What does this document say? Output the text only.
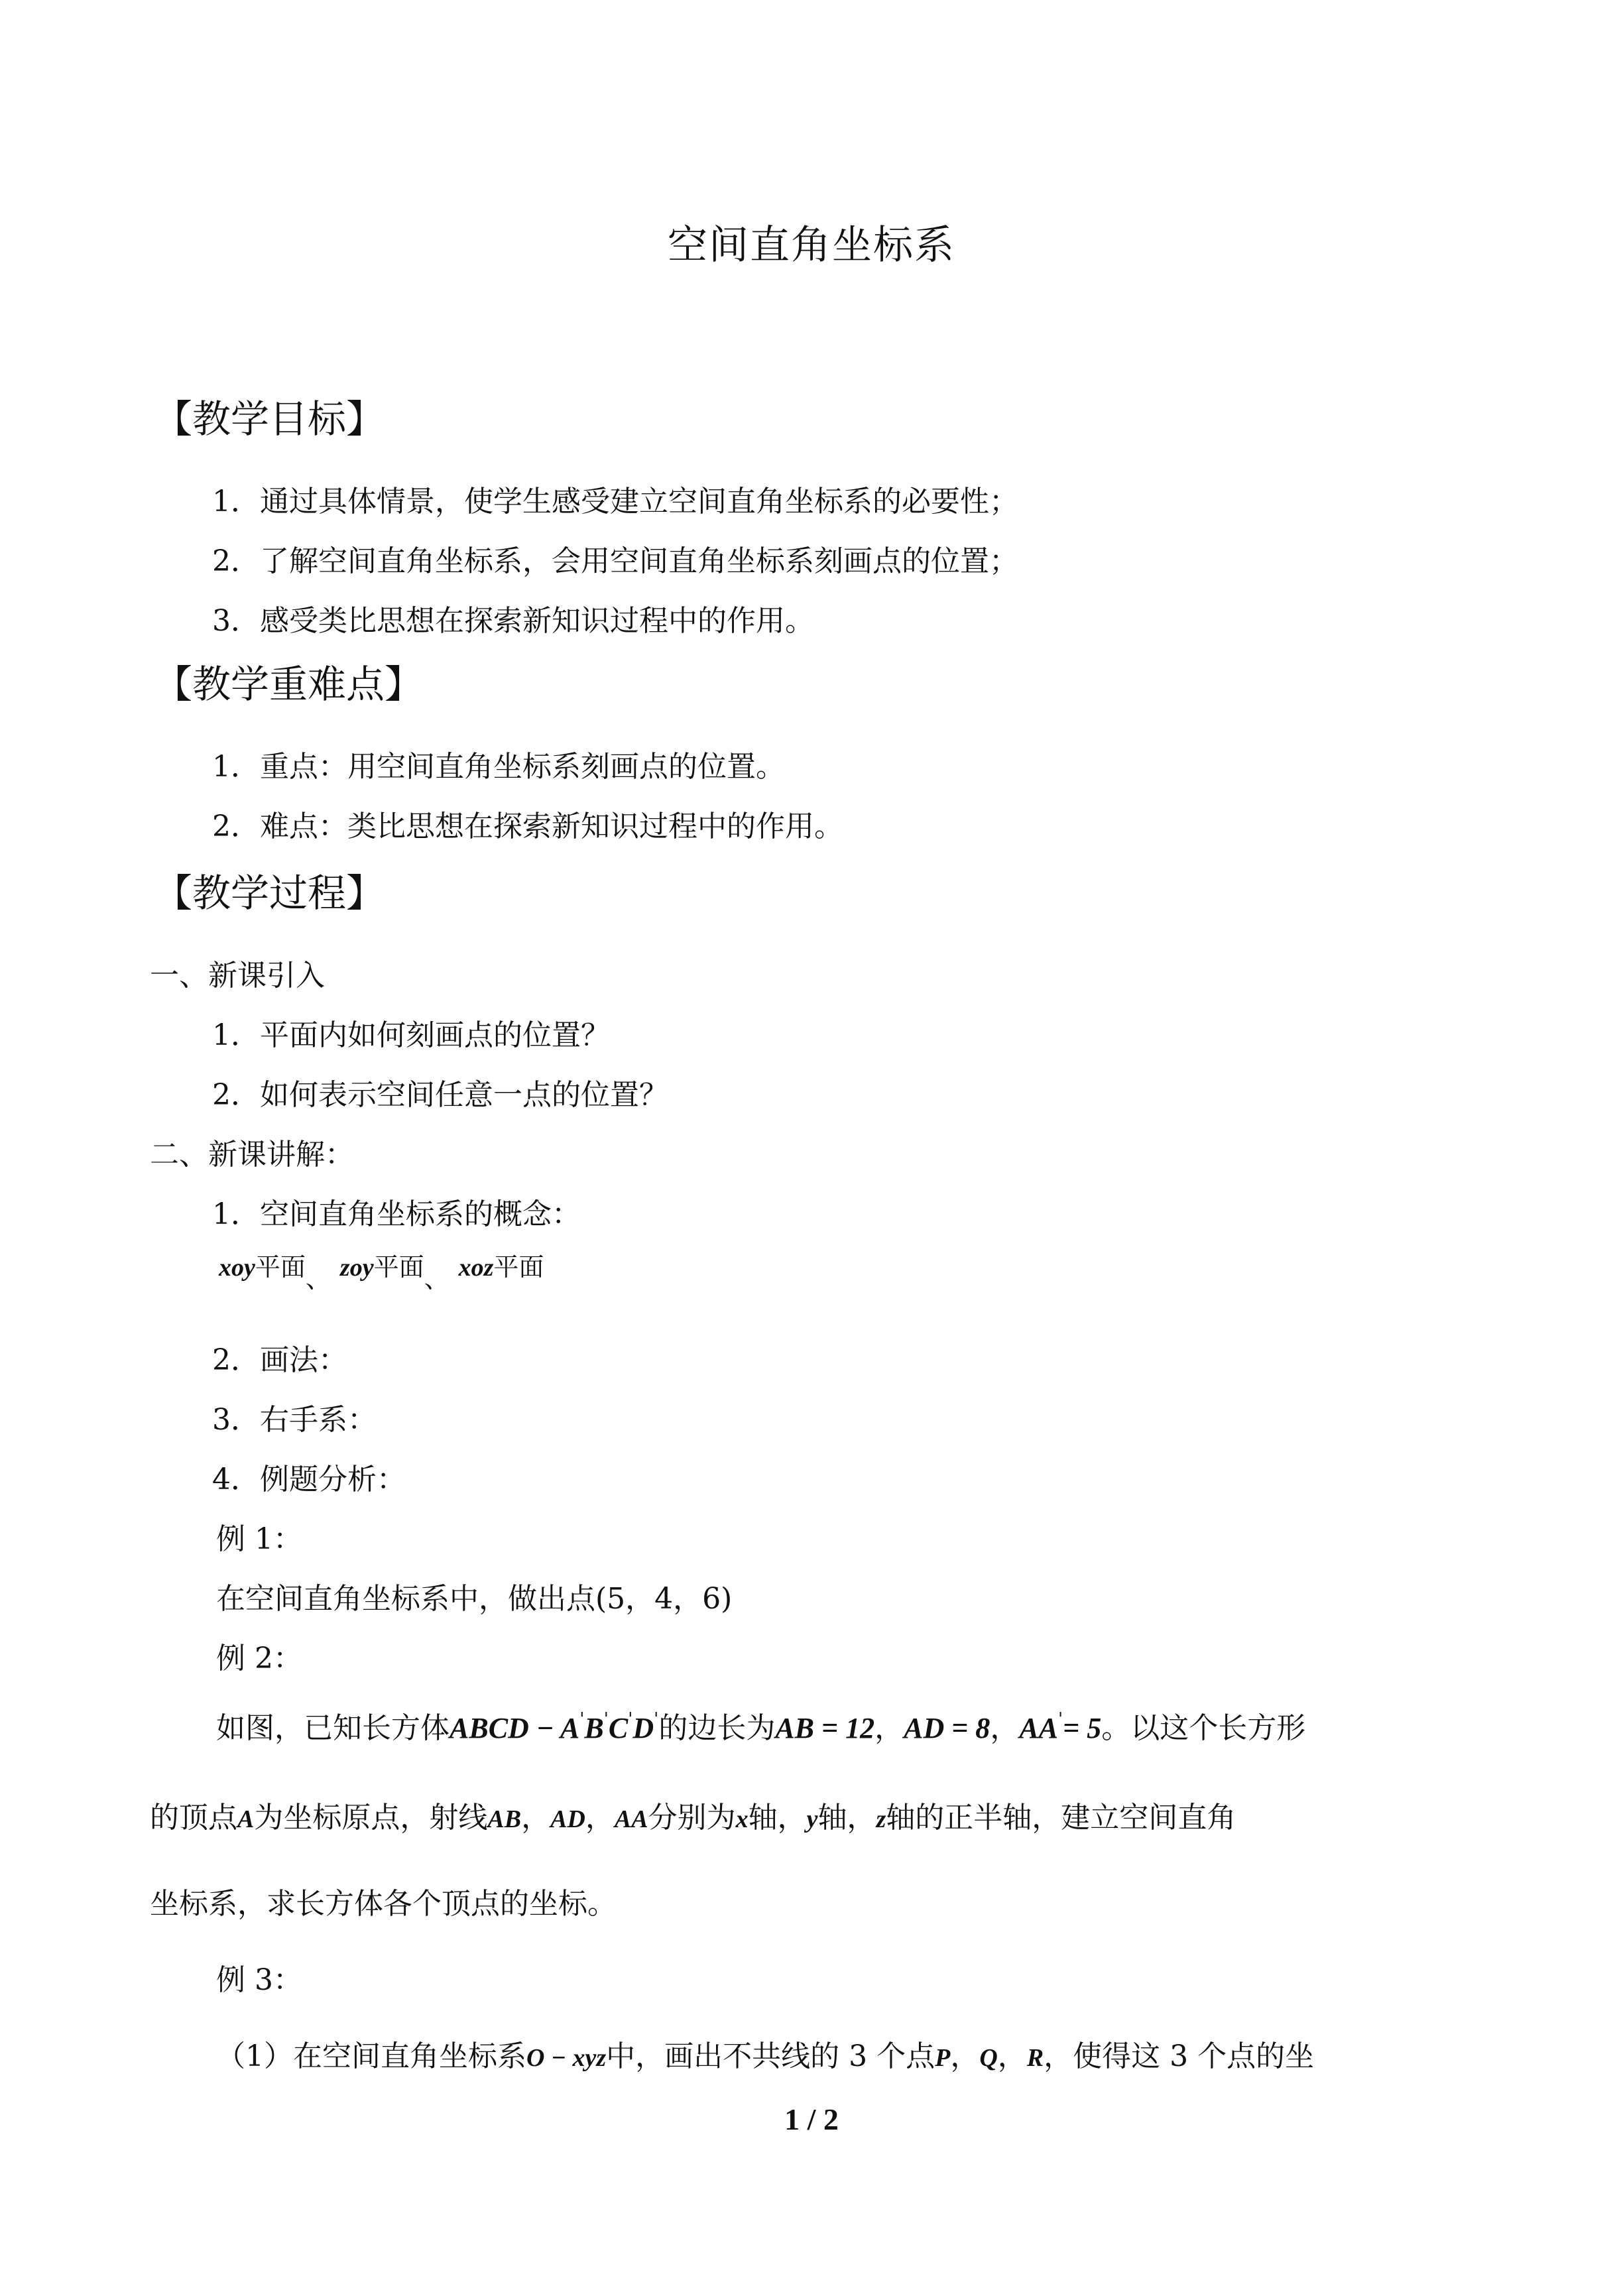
空间直角坐标系
【教学目标】
1．通过具体情景，使学生感受建立空间直角坐标系的必要性；
2．了解空间直角坐标系，会用空间直角坐标系刻画点的位置；
3．感受类比思想在探索新知识过程中的作用。
【教学重难点】
1．重点：用空间直角坐标系刻画点的位置。
2．难点：类比思想在探索新知识过程中的作用。
【教学过程】
一、新课引入
1．平面内如何刻画点的位置？
2．如何表示空间任意一点的位置？
二、新课讲解：
1．空间直角坐标系的概念：
xoy平面、 zoy平面、 xoz平面
2．画法：
3．右手系：
4．例题分析：
例 1：
在空间直角坐标系中，做出点(5，4，6)
例 2：
如图，已知长方体ABCD − A'B'C'D'的边长为AB = 12，AD = 8，AA'= 5。以这个长方形
的顶点A为坐标原点，射线AB，AD，AA分别为x轴，y轴，z轴的正半轴，建立空间直角
坐标系，求长方体各个顶点的坐标。
例 3：
（1）在空间直角坐标系O − xyz中，画出不共线的 3 个点P，Q，R，使得这 3 个点的坐
1 / 2
